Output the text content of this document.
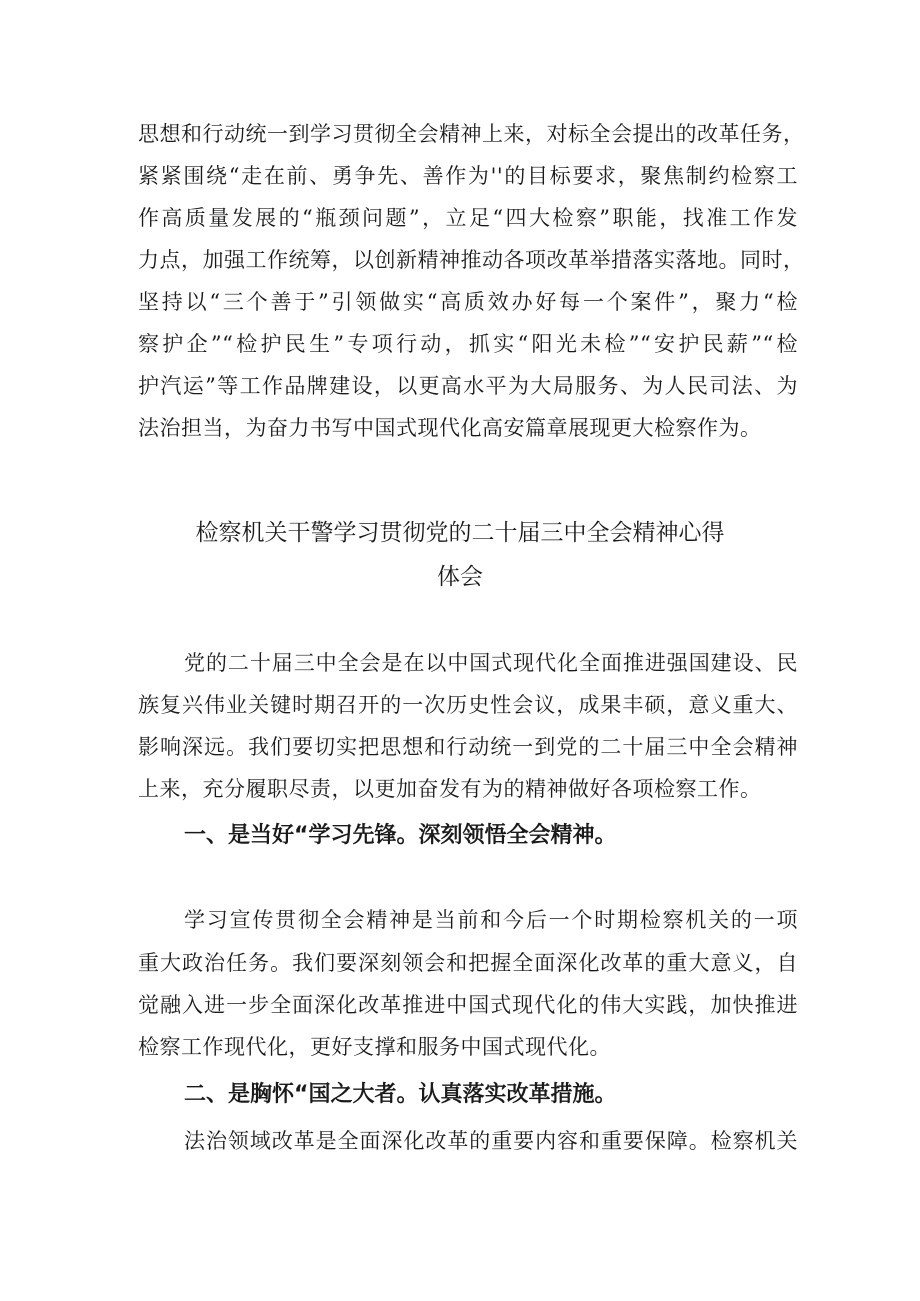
思想和行动统一到学习贯彻全会精神上来，对标全会提出的改革任务，
紧紧围绕“走在前、勇争先、善作为''的目标要求，聚焦制约检察工
作高质量发展的“瓶颈问题”，立足“四大检察”职能，找准工作发
力点，加强工作统筹，以创新精神推动各项改革举措落实落地。同时，
坚持以“三个善于”引领做实“高质效办好每一个案件”，聚力“检
察护企”“检护民生”专项行动，抓实“阳光未检”“安护民薪”“检
护汽运”等工作品牌建设，以更高水平为大局服务、为人民司法、为
法治担当，为奋力书写中国式现代化高安篇章展现更大检察作为。
检察机关干警学习贯彻党的二十届三中全会精神心得
体会
党的二十届三中全会是在以中国式现代化全面推进强国建设、民
族复兴伟业关键时期召开的一次历史性会议，成果丰硕，意义重大、
影响深远。我们要切实把思想和行动统一到党的二十届三中全会精神
上来，充分履职尽责，以更加奋发有为的精神做好各项检察工作。
一、是当好“学习先锋。深刻领悟全会精神。
学习宣传贯彻全会精神是当前和今后一个时期检察机关的一项
重大政治任务。我们要深刻领会和把握全面深化改革的重大意义，自
觉融入进一步全面深化改革推进中国式现代化的伟大实践，加快推进
检察工作现代化，更好支撑和服务中国式现代化。
二、是胸怀“国之大者。认真落实改革措施。
法治领域改革是全面深化改革的重要内容和重要保障。检察机关
